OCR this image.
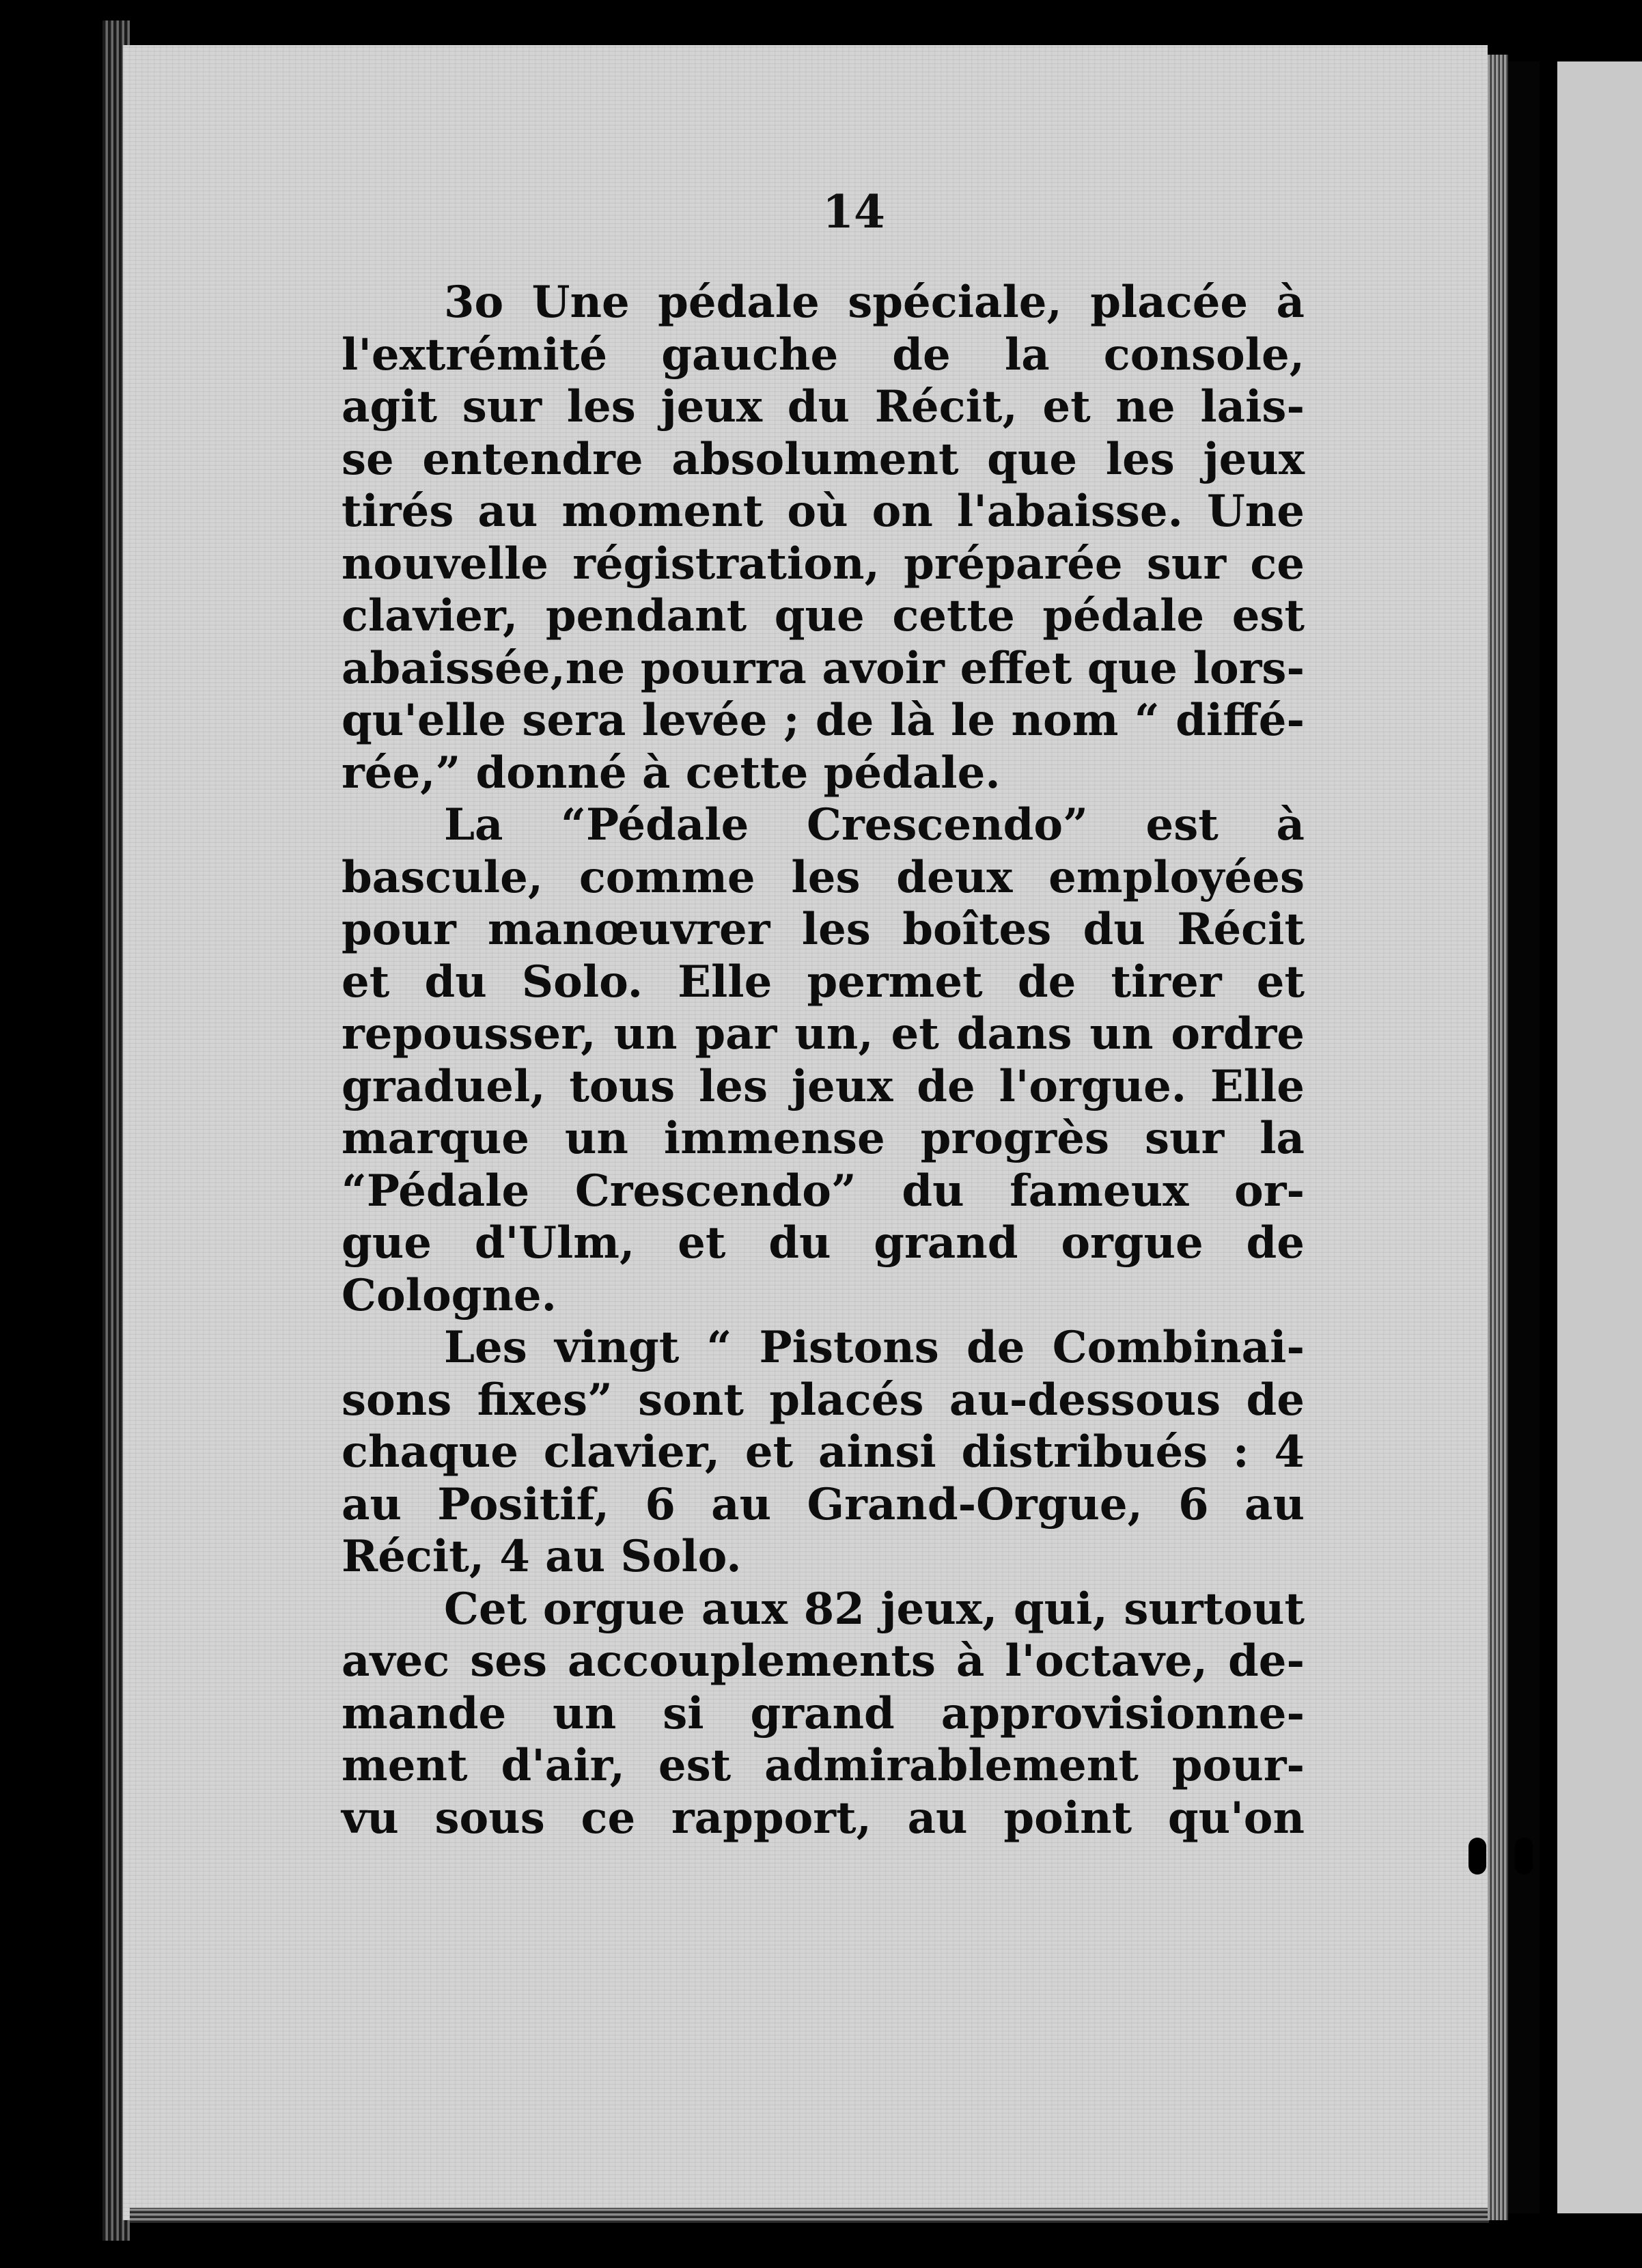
14
3o Une pédale spéciale, placée à
l'extrémité gauche de la console,
agit sur les jeux du Récit, et ne lais-
se entendre absolument que les jeux
tirés au moment où on l'abaisse. Une
nouvelle régistration, préparée sur ce
clavier, pendant que cette pédale est
abaissée,ne pourra avoir effet que lors-
qu'elle sera levée ; de là le nom “ diffé-
rée,” donné à cette pédale.
La “Pédale Crescendo” est à
bascule, comme les deux employées
pour manœuvrer les boîtes du Récit
et du Solo. Elle permet de tirer et
repousser, un par un, et dans un ordre
graduel, tous les jeux de l'orgue. Elle
marque un immense progrès sur la
“Pédale Crescendo” du fameux or-
gue d'Ulm, et du grand orgue de
Cologne.
Les vingt “ Pistons de Combinai-
sons fixes” sont placés au-dessous de
chaque clavier, et ainsi distribués : 4
au Positif, 6 au Grand-Orgue, 6 au
Récit, 4 au Solo.
Cet orgue aux 82 jeux, qui, surtout
avec ses accouplements à l'octave, de-
mande un si grand approvisionne-
ment d'air, est admirablement pour-
vu sous ce rapport, au point qu'on
